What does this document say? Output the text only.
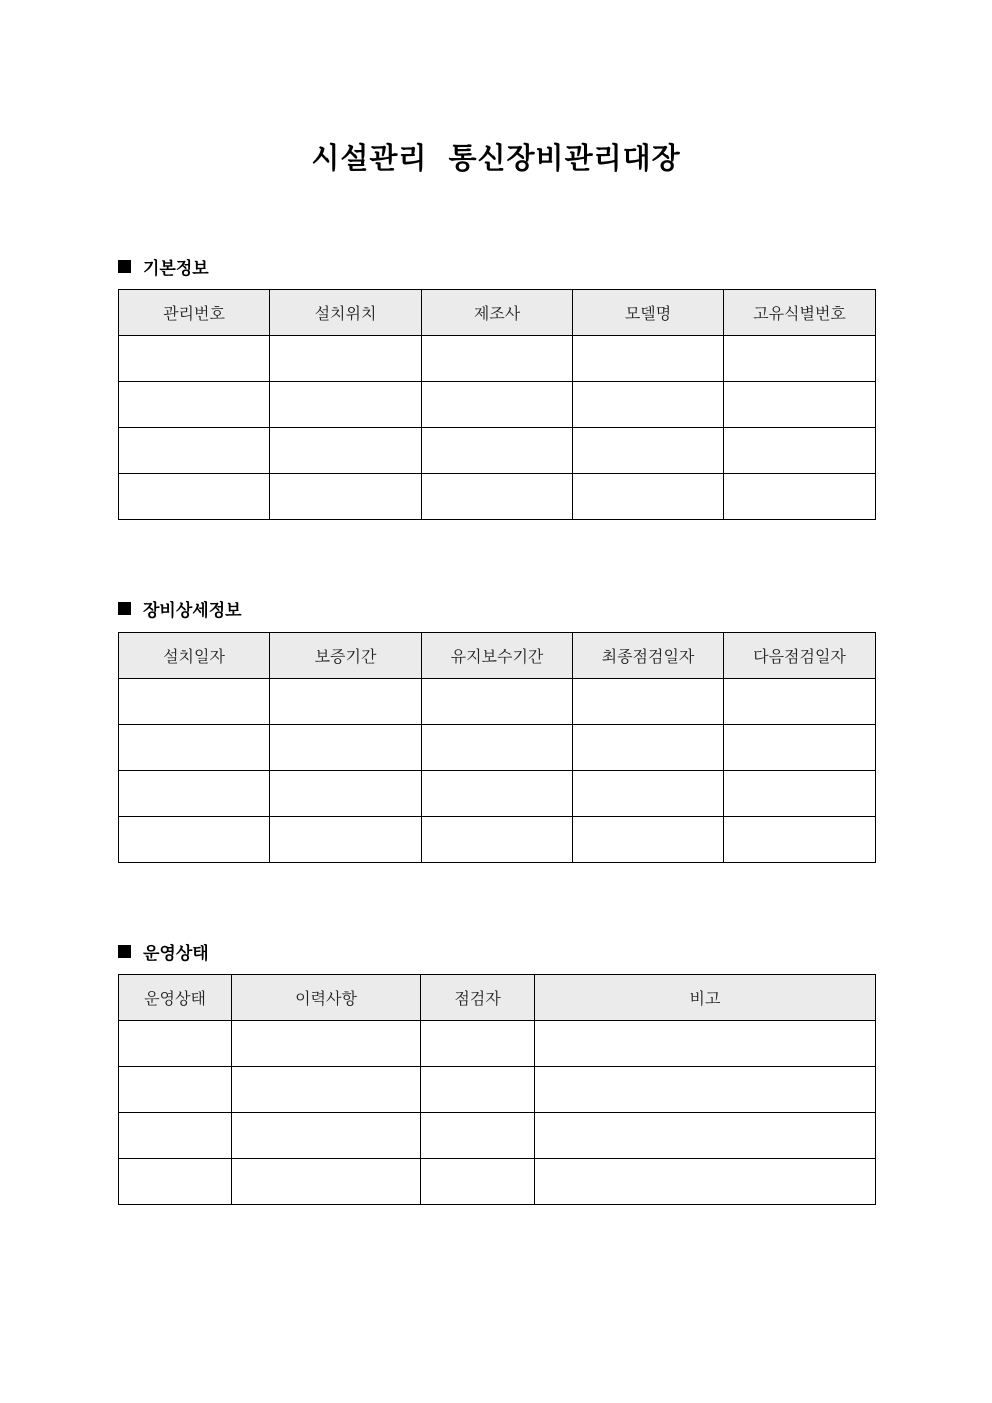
시설관리 통신장비관리대장
기본정보
관리번호	설치위치	제조사	모델명	고유식별번호

장비상세정보
설치일자	보증기간	유지보수기간	최종점검일자	다음점검일자

운영상태
운영상태	이력사항	점검자	비고
